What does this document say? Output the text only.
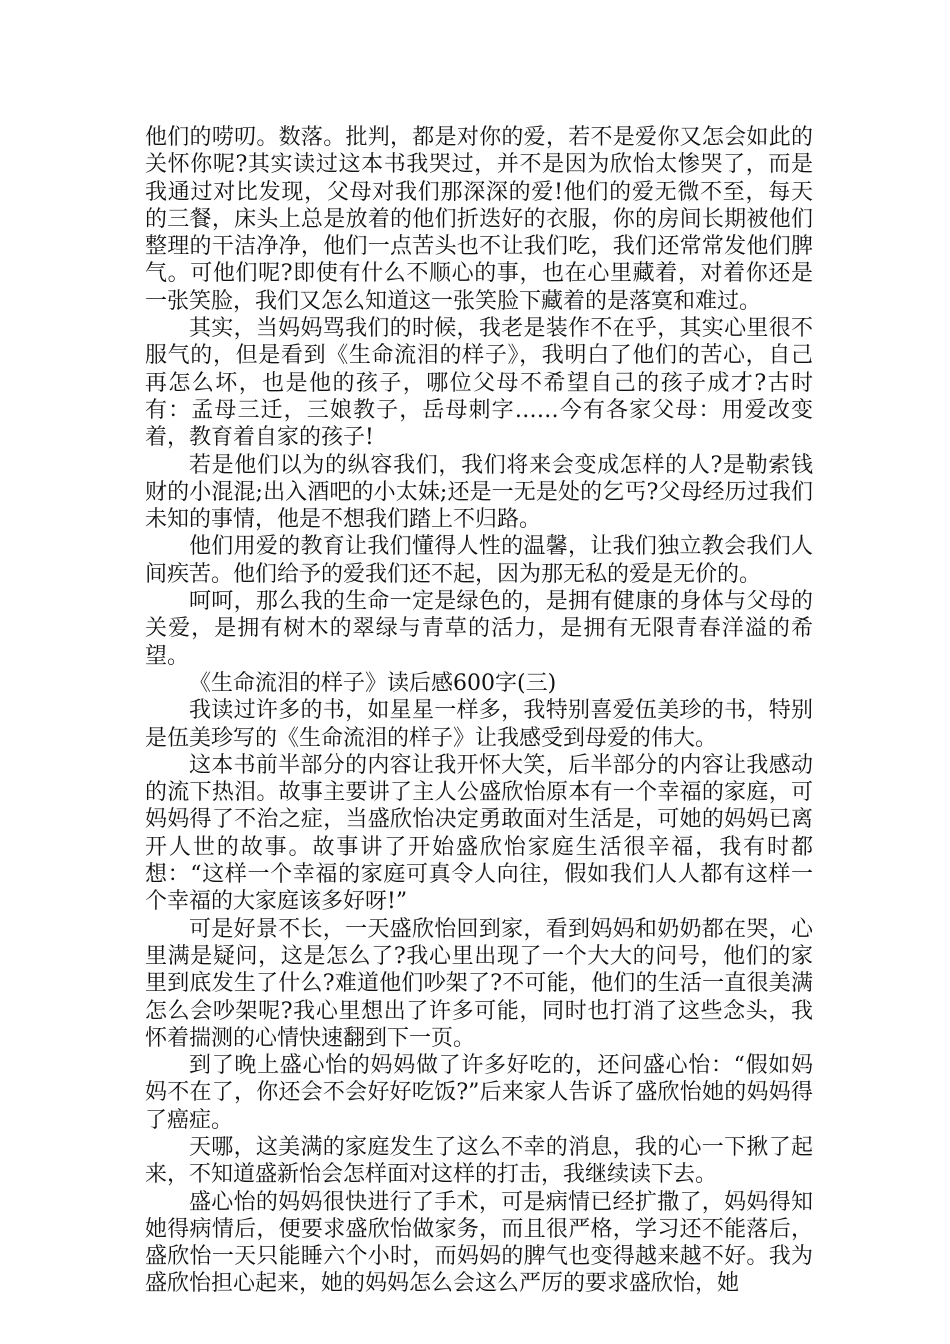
他们的唠叨。数落。批判，都是对你的爱，若不是爱你又怎会如此的关怀你呢?其实读过这本书我哭过，并不是因为欣怡太惨哭了，而是我通过对比发现，父母对我们那深深的爱!他们的爱无微不至，每天的三餐，床头上总是放着的他们折迭好的衣服，你的房间长期被他们整理的干洁净净，他们一点苦头也不让我们吃，我们还常常发他们脾气。可他们呢?即使有什么不顺心的事，也在心里藏着，对着你还是一张笑脸，我们又怎么知道这一张笑脸下藏着的是落寞和难过。

其实，当妈妈骂我们的时候，我老是装作不在乎，其实心里很不服气的，但是看到《生命流泪的样子》，我明白了他们的苦心，自己再怎么坏，也是他的孩子，哪位父母不希望自己的孩子成才?古时有：孟母三迁，三娘教子，岳母刺字……今有各家父母：用爱改变着，教育着自家的孩子!

若是他们以为的纵容我们，我们将来会变成怎样的人?是勒索钱财的小混混;出入酒吧的小太妹;还是一无是处的乞丐?父母经历过我们未知的事情，他是不想我们踏上不归路。

他们用爱的教育让我们懂得人性的温馨，让我们独立教会我们人间疾苦。他们给予的爱我们还不起，因为那无私的爱是无价的。

呵呵，那么我的生命一定是绿色的，是拥有健康的身体与父母的关爱，是拥有树木的翠绿与青草的活力，是拥有无限青春洋溢的希望。

《生命流泪的样子》读后感600字(三)

我读过许多的书，如星星一样多，我特别喜爱伍美珍的书，特别是伍美珍写的《生命流泪的样子》让我感受到母爱的伟大。

这本书前半部分的内容让我开怀大笑，后半部分的内容让我感动的流下热泪。故事主要讲了主人公盛欣怡原本有一个幸福的家庭，可妈妈得了不治之症，当盛欣怡决定勇敢面对生活是，可她的妈妈已离开人世的故事。故事讲了开始盛欣怡家庭生活很辛福，我有时都想：“这样一个幸福的家庭可真令人向往，假如我们人人都有这样一个幸福的大家庭该多好呀!”

可是好景不长，一天盛欣怡回到家，看到妈妈和奶奶都在哭，心里满是疑问，这是怎么了?我心里出现了一个大大的问号，他们的家里到底发生了什么?难道他们吵架了?不可能，他们的生活一直很美满怎么会吵架呢?我心里想出了许多可能，同时也打消了这些念头，我怀着揣测的心情快速翻到下一页。

到了晚上盛心怡的妈妈做了许多好吃的，还问盛心怡：“假如妈妈不在了，你还会不会好好吃饭?”后来家人告诉了盛欣怡她的妈妈得了癌症。

天哪，这美满的家庭发生了这么不幸的消息，我的心一下揪了起来，不知道盛新怡会怎样面对这样的打击，我继续读下去。

盛心怡的妈妈很快进行了手术，可是病情已经扩撒了，妈妈得知她得病情后，便要求盛欣怡做家务，而且很严格，学习还不能落后，盛欣怡一天只能睡六个小时，而妈妈的脾气也变得越来越不好。我为盛欣怡担心起来，她的妈妈怎么会这么严厉的要求盛欣怡，她
